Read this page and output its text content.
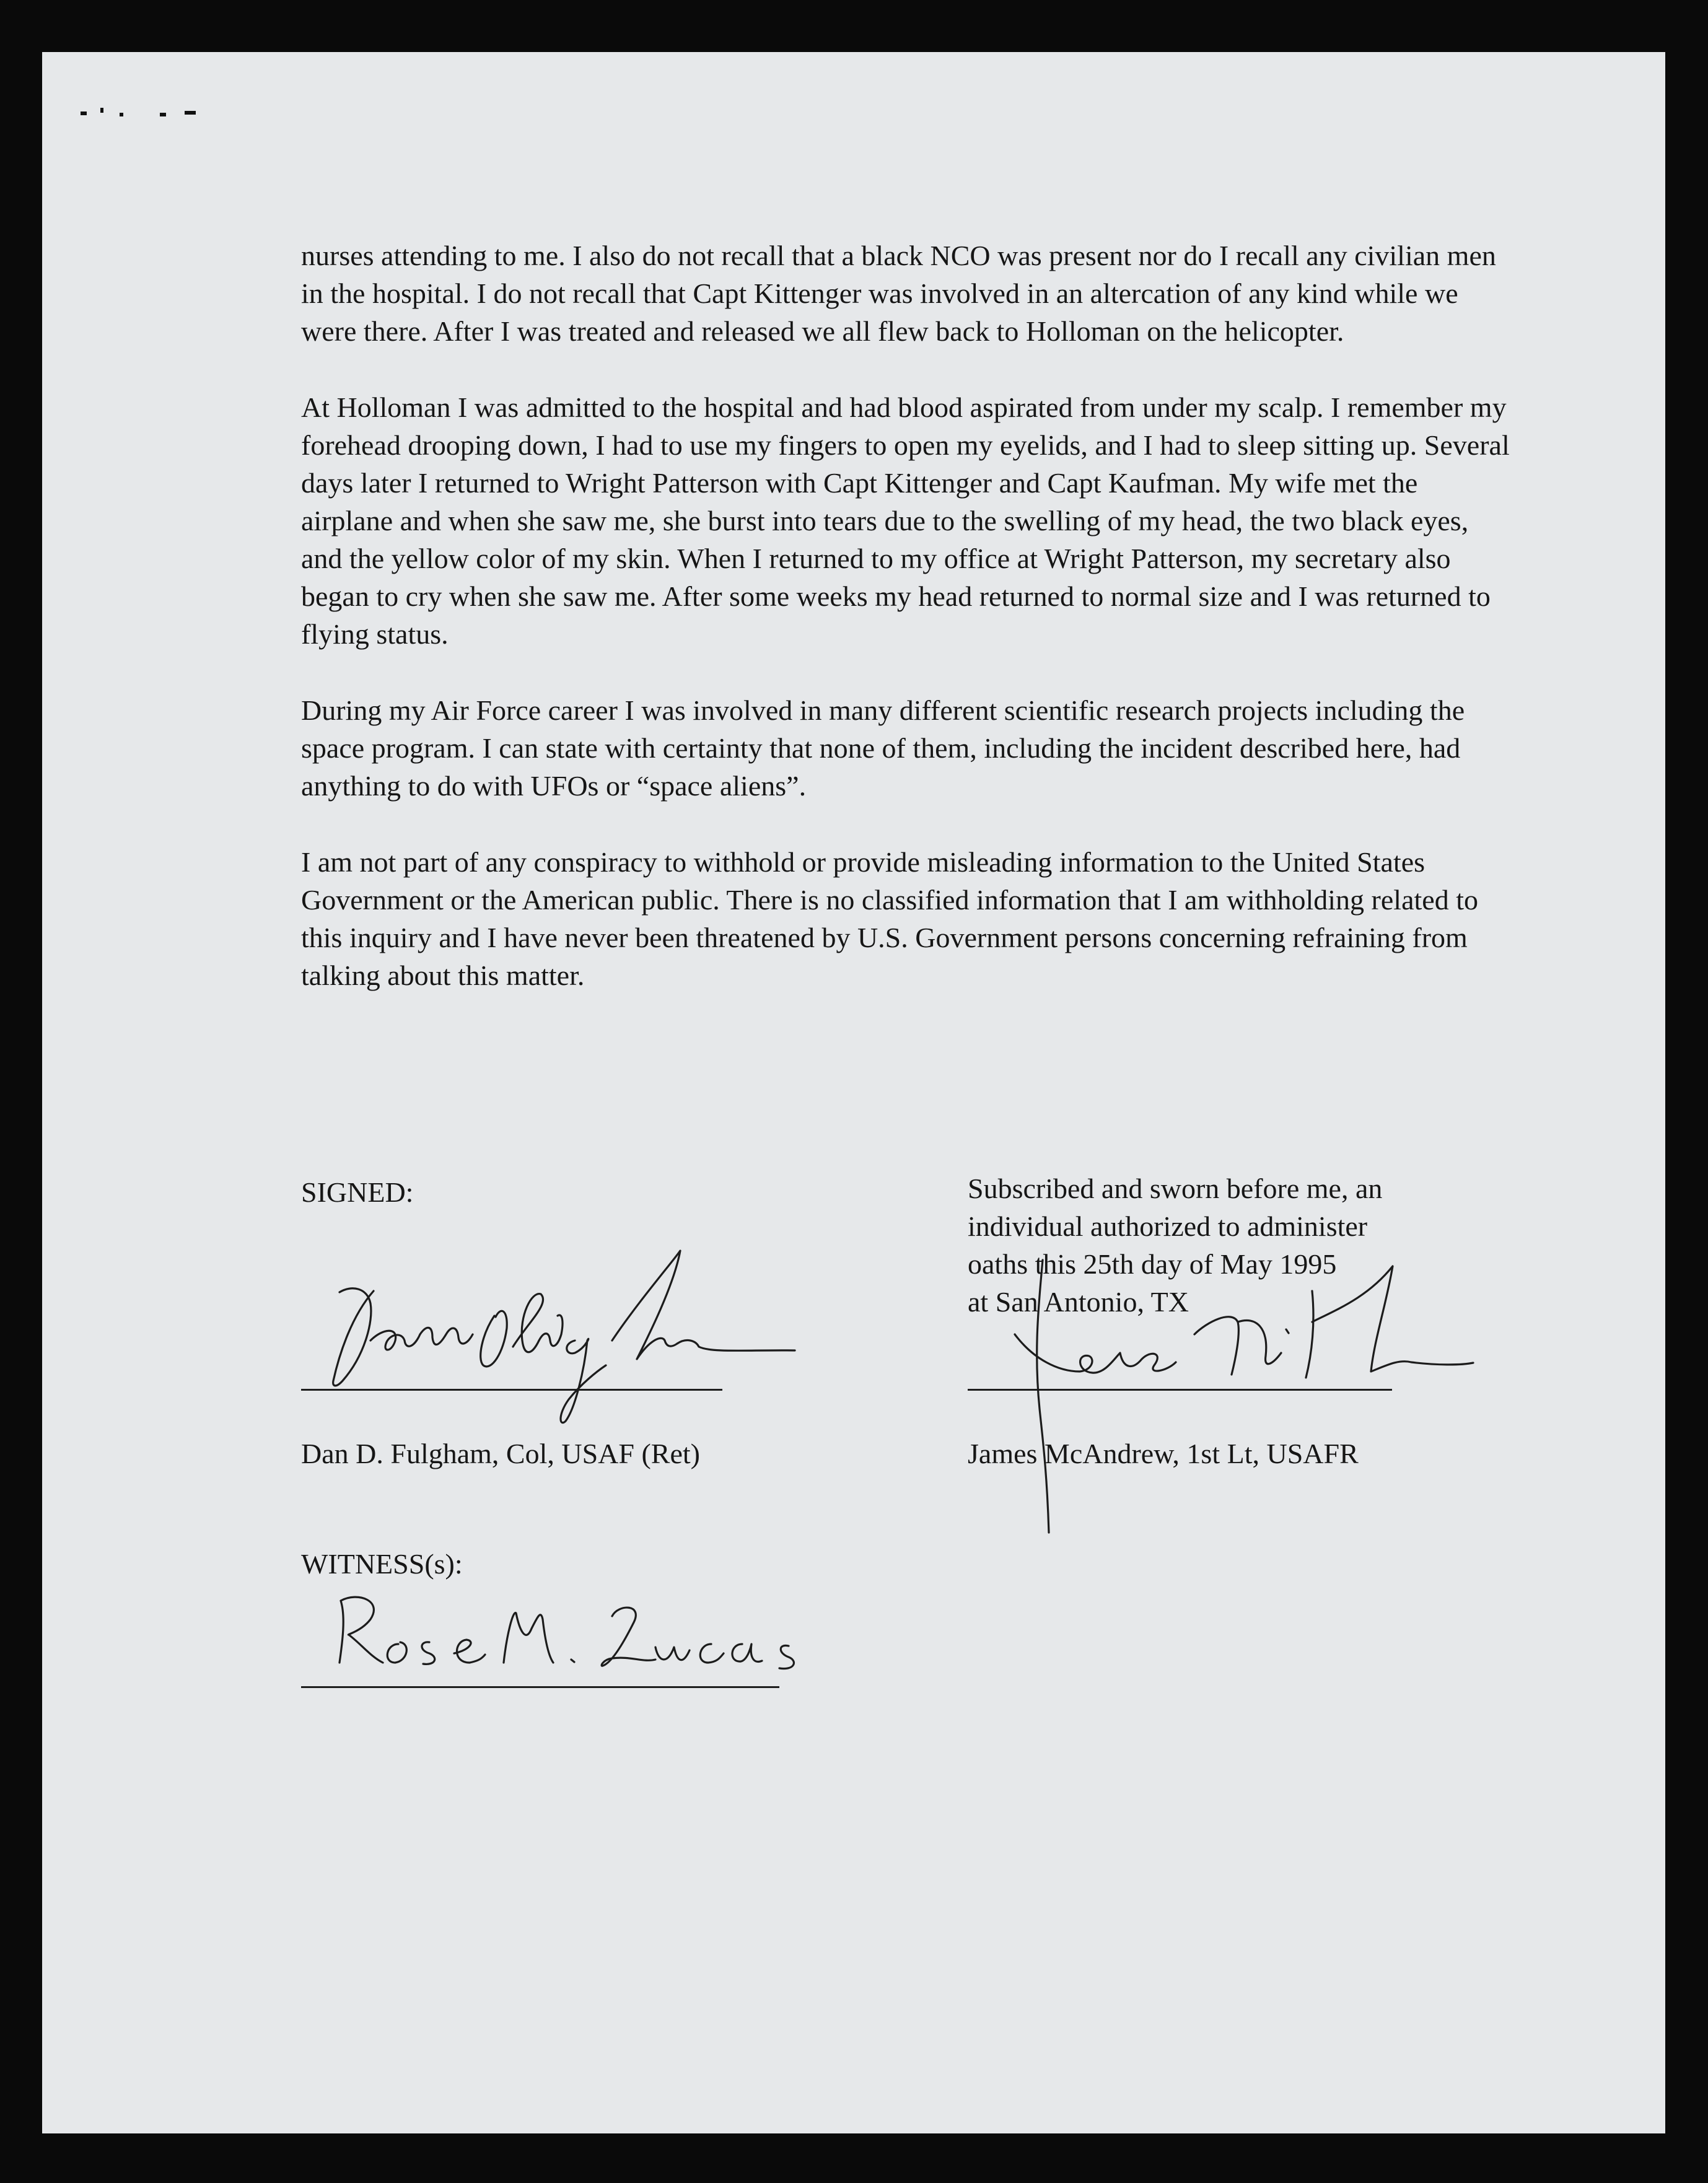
nurses attending to me. I also do not recall that a black NCO was present nor do I recall any civilian men in the hospital. I do not recall that Capt Kittenger was involved in an altercation of any kind while we were there. After I was treated and released we all flew back to Holloman on the helicopter.

At Holloman I was admitted to the hospital and had blood aspirated from under my scalp. I remember my forehead drooping down, I had to use my fingers to open my eyelids, and I had to sleep sitting up. Several days later I returned to Wright Patterson with Capt Kittenger and Capt Kaufman. My wife met the airplane and when she saw me, she burst into tears due to the swelling of my head, the two black eyes, and the yellow color of my skin. When I returned to my office at Wright Patterson, my secretary also began to cry when she saw me. After some weeks my head returned to normal size and I was returned to flying status.

During my Air Force career I was involved in many different scientific research projects including the space program. I can state with certainty that none of them, including the incident described here, had anything to do with UFOs or “space aliens”.

I am not part of any conspiracy to withhold or provide misleading information to the United States Government or the American public. There is no classified information that I am withholding related to this inquiry and I have never been threatened by U.S. Government persons concerning refraining from talking about this matter.

SIGNED:
Dan D. Fulgham, Col, USAF (Ret)
Subscribed and sworn before me, an
individual authorized to administer
oaths this 25th day of May 1995
at San Antonio, TX
James McAndrew, 1st Lt, USAFR
WITNESS(s):
